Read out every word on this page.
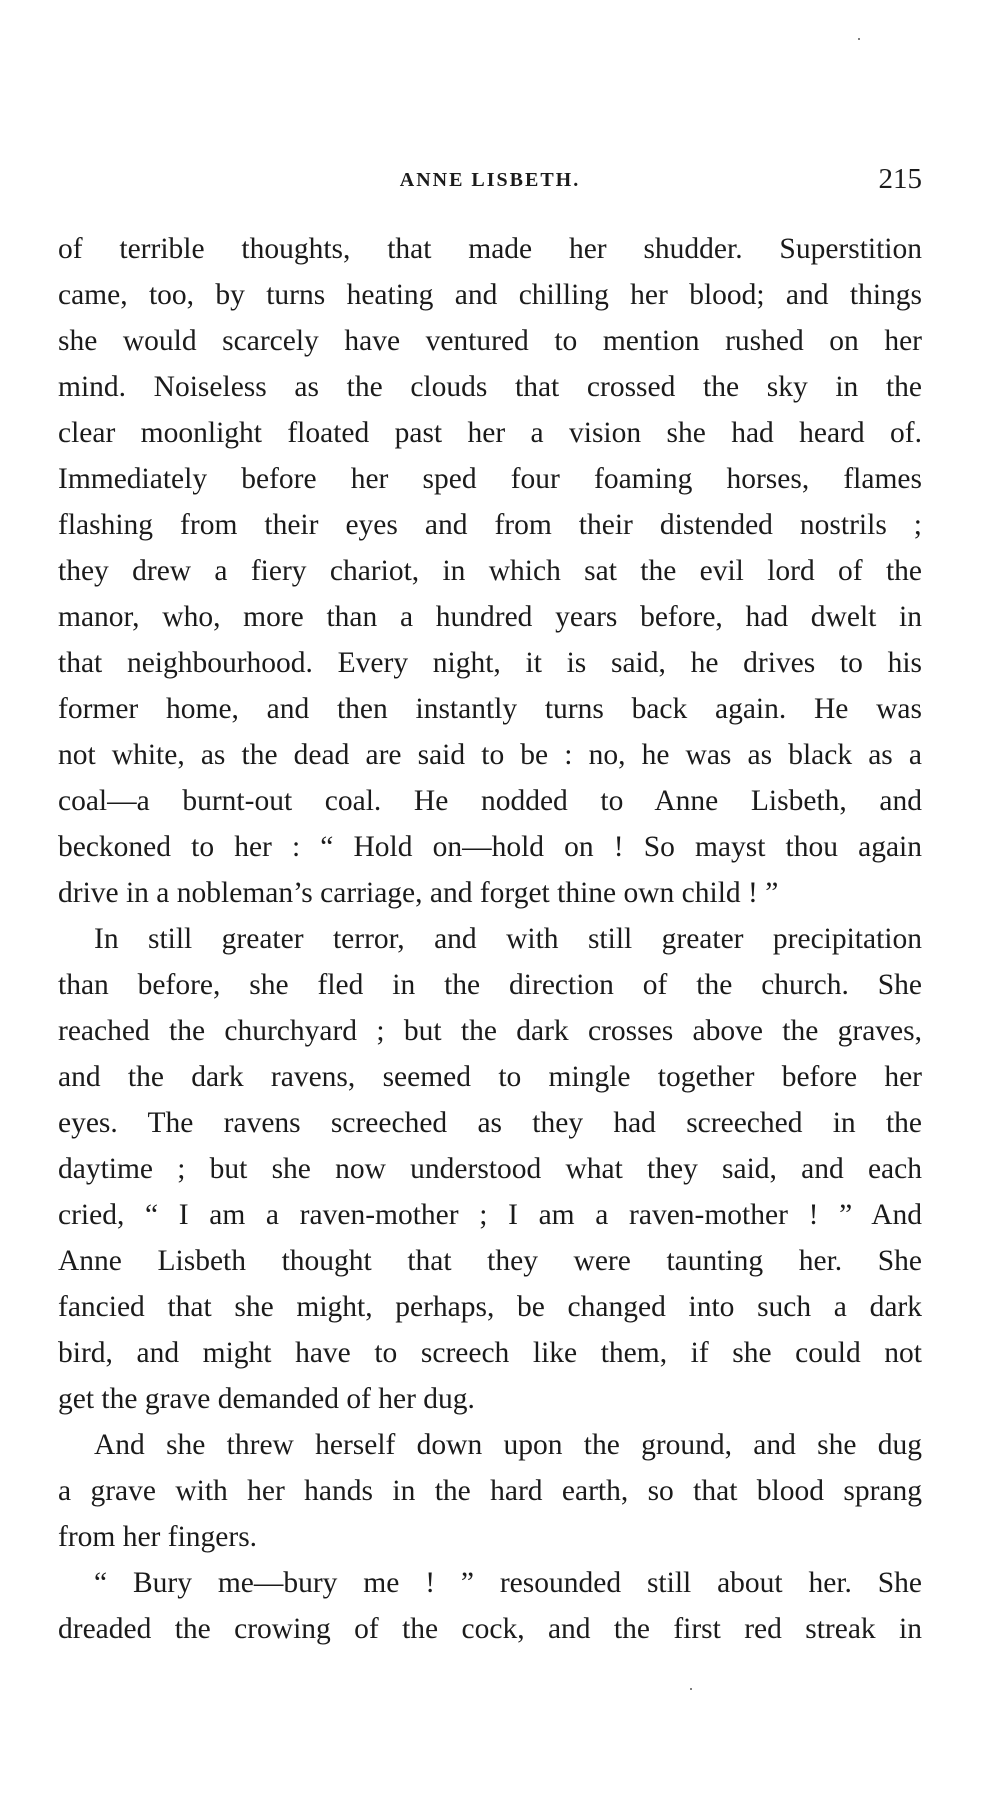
ANNE LISBETH.	215
of terrible thoughts, that made her shudder. Superstition
came, too, by turns heating and chilling her blood; and things
she would scarcely have ventured to mention rushed on her
mind. Noiseless as the clouds that crossed the sky in the
clear moonlight floated past her a vision she had heard of.
Immediately before her sped four foaming horses, flames
flashing from their eyes and from their distended nostrils ;
they drew a fiery chariot, in which sat the evil lord of the
manor, who, more than a hundred years before, had dwelt in
that neighbourhood. Every night, it is said, he drives to his
former home, and then instantly turns back again. He was
not white, as the dead are said to be : no, he was as black as a
coal—a burnt-out coal. He nodded to Anne Lisbeth, and
beckoned to her : “ Hold on—hold on ! So mayst thou again
drive in a nobleman’s carriage, and forget thine own child ! ”
In still greater terror, and with still greater precipitation
than before, she fled in the direction of the church. She
reached the churchyard ; but the dark crosses above the graves,
and the dark ravens, seemed to mingle together before her
eyes. The ravens screeched as they had screeched in the
daytime ; but she now understood what they said, and each
cried, “ I am a raven-mother ; I am a raven-mother ! ” And
Anne Lisbeth thought that they were taunting her. She
fancied that she might, perhaps, be changed into such a dark
bird, and might have to screech like them, if she could not
get the grave demanded of her dug.
And she threw herself down upon the ground, and she dug
a grave with her hands in the hard earth, so that blood sprang
from her fingers.
“ Bury me—bury me ! ” resounded still about her. She
dreaded the crowing of the cock, and the first red streak in
